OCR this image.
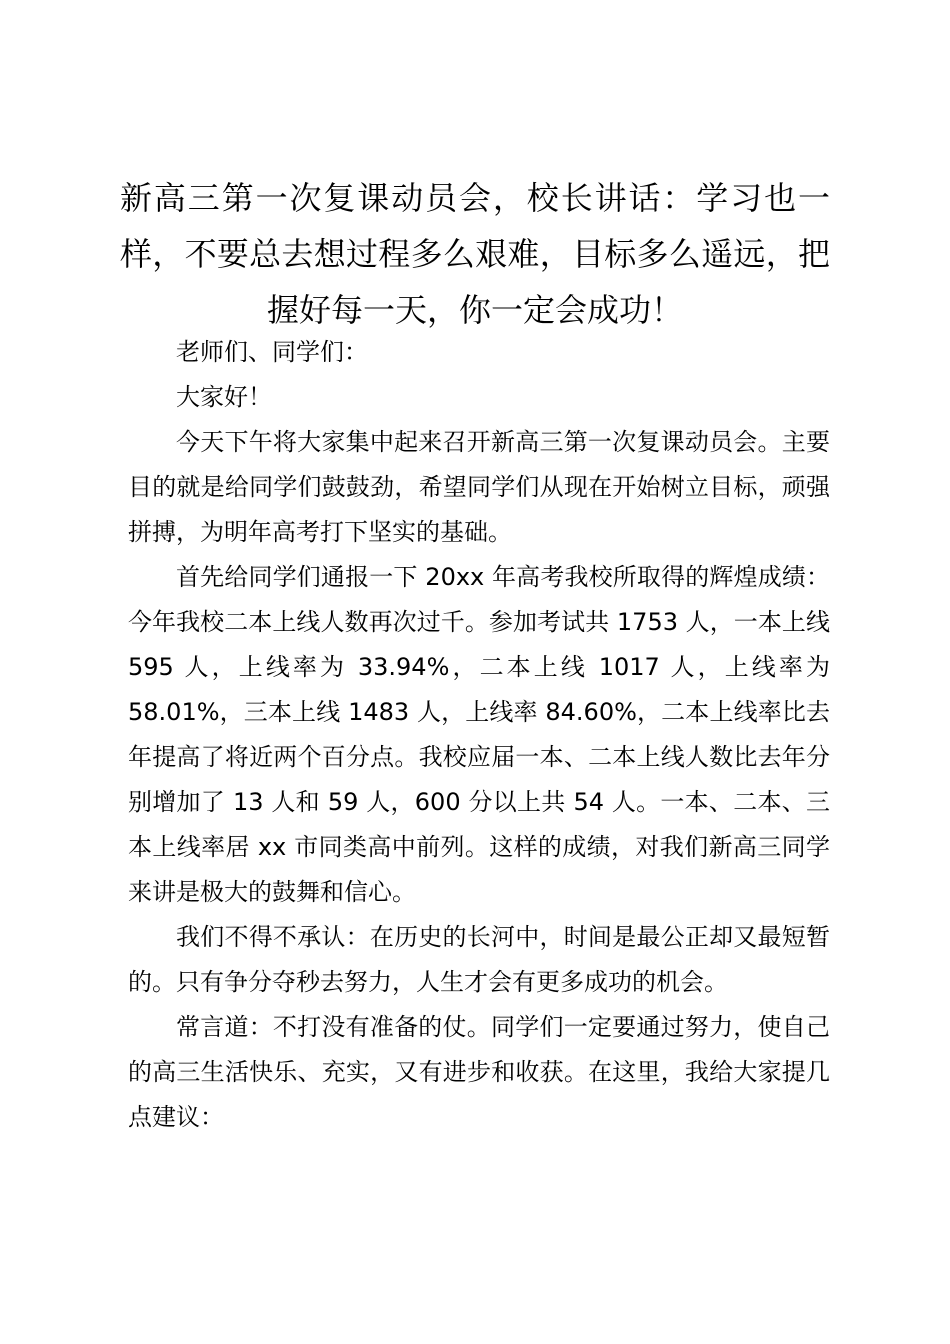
新高三第一次复课动员会，校长讲话：学习也一样，不要总去想过程多么艰难，目标多么遥远，把握好每一天，你一定会成功！

老师们、同学们：

大家好！

今天下午将大家集中起来召开新高三第一次复课动员会。主要目的就是给同学们鼓鼓劲，希望同学们从现在开始树立目标，顽强拼搏，为明年高考打下坚实的基础。

首先给同学们通报一下 20xx 年高考我校所取得的辉煌成绩：今年我校二本上线人数再次过千。参加考试共 1753 人，一本上线 595 人，上线率为 33.94%，二本上线 1017 人，上线率为 58.01%，三本上线 1483 人，上线率 84.60%，二本上线率比去年提高了将近两个百分点。我校应届一本、二本上线人数比去年分别增加了 13 人和 59 人，600 分以上共 54 人。一本、二本、三本上线率居 xx 市同类高中前列。这样的成绩，对我们新高三同学来讲是极大的鼓舞和信心。

我们不得不承认：在历史的长河中，时间是最公正却又最短暂的。只有争分夺秒去努力，人生才会有更多成功的机会。

常言道：不打没有准备的仗。同学们一定要通过努力，使自己的高三生活快乐、充实，又有进步和收获。在这里，我给大家提几点建议：
